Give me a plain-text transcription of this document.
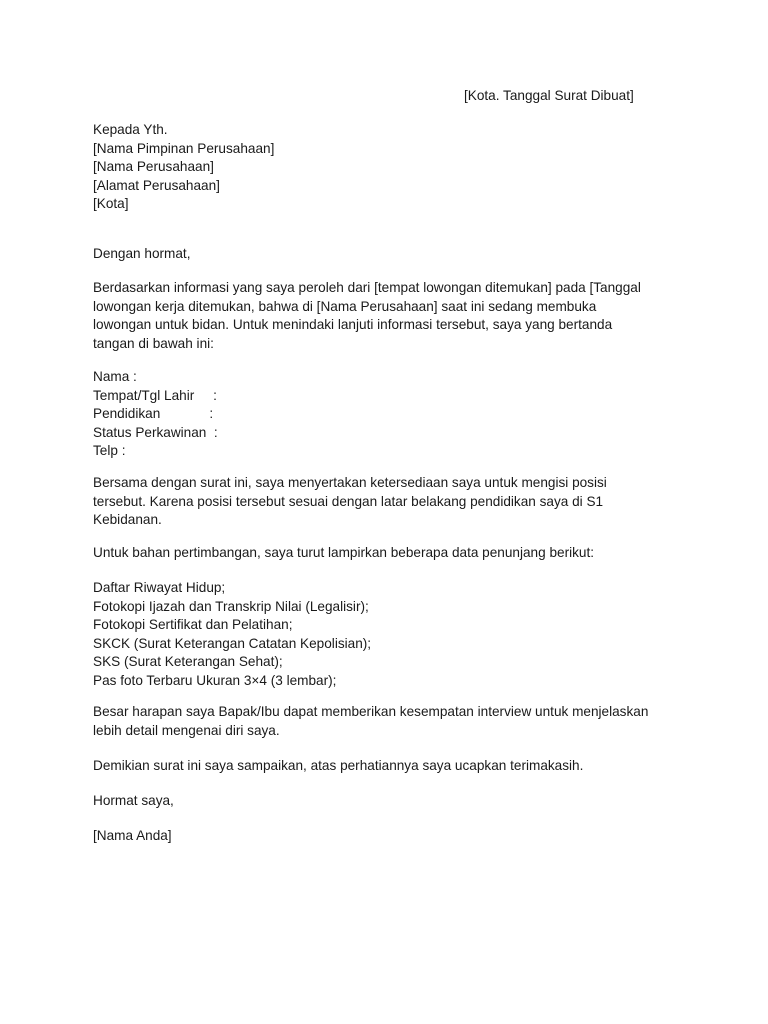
[Kota. Tanggal Surat Dibuat]
Kepada Yth.
[Nama Pimpinan Perusahaan]
[Nama Perusahaan]
[Alamat Perusahaan]
[Kota]
Dengan hormat,
Berdasarkan informasi yang saya peroleh dari [tempat lowongan ditemukan] pada [Tanggal
lowongan kerja ditemukan, bahwa di [Nama Perusahaan] saat ini sedang membuka
lowongan untuk bidan. Untuk menindaki lanjuti informasi tersebut, saya yang bertanda
tangan di bawah ini:
Nama :
Tempat/Tgl Lahir :
Pendidikan :
Status Perkawinan :
Telp :
Bersama dengan surat ini, saya menyertakan ketersediaan saya untuk mengisi posisi
tersebut. Karena posisi tersebut sesuai dengan latar belakang pendidikan saya di S1
Kebidanan.
Untuk bahan pertimbangan, saya turut lampirkan beberapa data penunjang berikut:
Daftar Riwayat Hidup;
Fotokopi Ijazah dan Transkrip Nilai (Legalisir);
Fotokopi Sertifikat dan Pelatihan;
SKCK (Surat Keterangan Catatan Kepolisian);
SKS (Surat Keterangan Sehat);
Pas foto Terbaru Ukuran 3×4 (3 lembar);
Besar harapan saya Bapak/Ibu dapat memberikan kesempatan interview untuk menjelaskan
lebih detail mengenai diri saya.
Demikian surat ini saya sampaikan, atas perhatiannya saya ucapkan terimakasih.
Hormat saya,
[Nama Anda]
